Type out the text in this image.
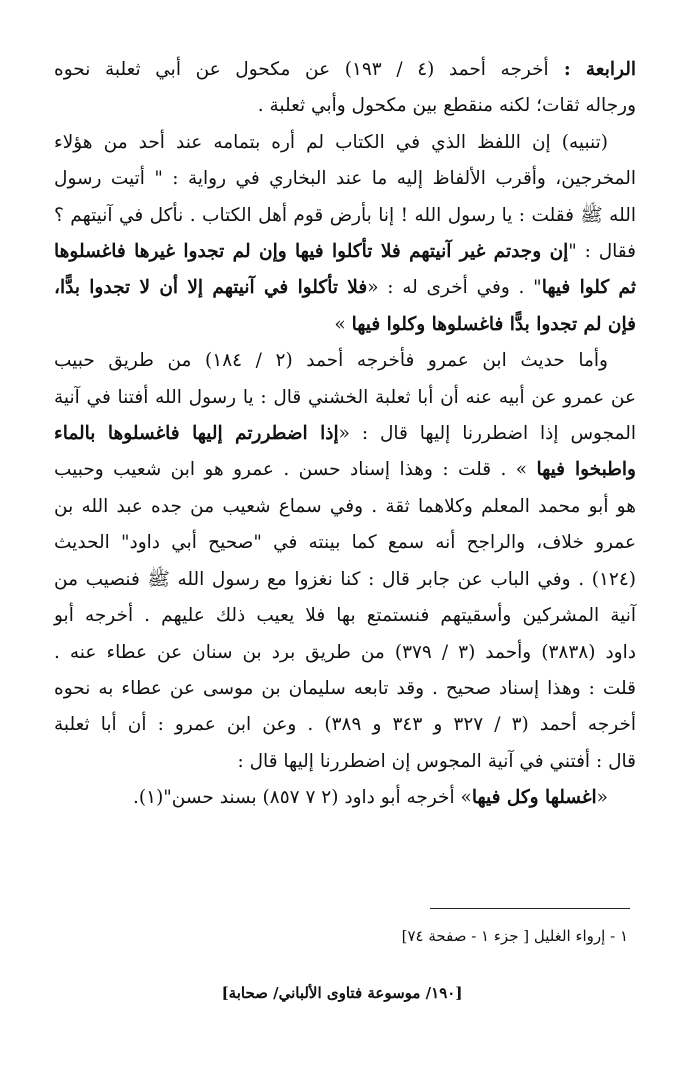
الرابعة : أخرجه أحمد (٤ / ١٩٣) عن مكحول عن أبي ثعلبة نحوه
ورجاله ثقات؛ لكنه منقطع بين مكحول وأبي ثعلبة .
(تنبيه) إن اللفظ الذي في الكتاب لم أره بتمامه عند أحد من هؤلاء
المخرجين، وأقرب الألفاظ إليه ما عند البخاري في رواية : " أتيت رسول
الله ﷺ فقلت : يا رسول الله ! إنا بأرض قوم أهل الكتاب . نأكل في آنيتهم ؟
فقال : "إن وجدتم غير آنيتهم فلا تأكلوا فيها وإن لم تجدوا غيرها فاغسلوها
ثم كلوا فيها" . وفي أخرى له : «فلا تأكلوا في آنيتهم إلا أن لا تجدوا بدًّا،
فإن لم تجدوا بدًّا فاغسلوها وكلوا فيها »
وأما حديث ابن عمرو فأخرجه أحمد (٢ / ١٨٤) من طريق حبيب
عن عمرو عن أبيه عنه أن أبا ثعلبة الخشني قال : يا رسول الله أفتنا في آنية
المجوس إذا اضطررنا إليها قال : «إذا اضطررتم إليها فاغسلوها بالماء
واطبخوا فيها » . قلت : وهذا إسناد حسن . عمرو هو ابن شعيب وحبيب
هو أبو محمد المعلم وكلاهما ثقة . وفي سماع شعيب من جده عبد الله بن
عمرو خلاف، والراجح أنه سمع كما بينته في "صحيح أبي داود" الحديث
(١٢٤) . وفي الباب عن جابر قال : كنا نغزوا مع رسول الله ﷺ فنصيب من
آنية المشركين وأسقيتهم فنستمتع بها فلا يعيب ذلك عليهم . أخرجه أبو
داود (٣٨٣٨) وأحمد (٣ / ٣٧٩) من طريق برد بن سنان عن عطاء عنه .
قلت : وهذا إسناد صحيح . وقد تابعه سليمان بن موسى عن عطاء به نحوه
أخرجه أحمد (٣ / ٣٢٧ و ٣٤٣ و ٣٨٩) . وعن ابن عمرو : أن أبا ثعلبة
قال : أفتني في آنية المجوس إن اضطررنا إليها قال :
«اغسلها وكل فيها» أخرجه أبو داود (٢ ٧ ٨٥٧) بسند حسن"(١).
١ - إرواء الغليل [ جزء ١ - صفحة ٧٤]
[١٩٠/ موسوعة فتاوى الألباني/ صحابة]
